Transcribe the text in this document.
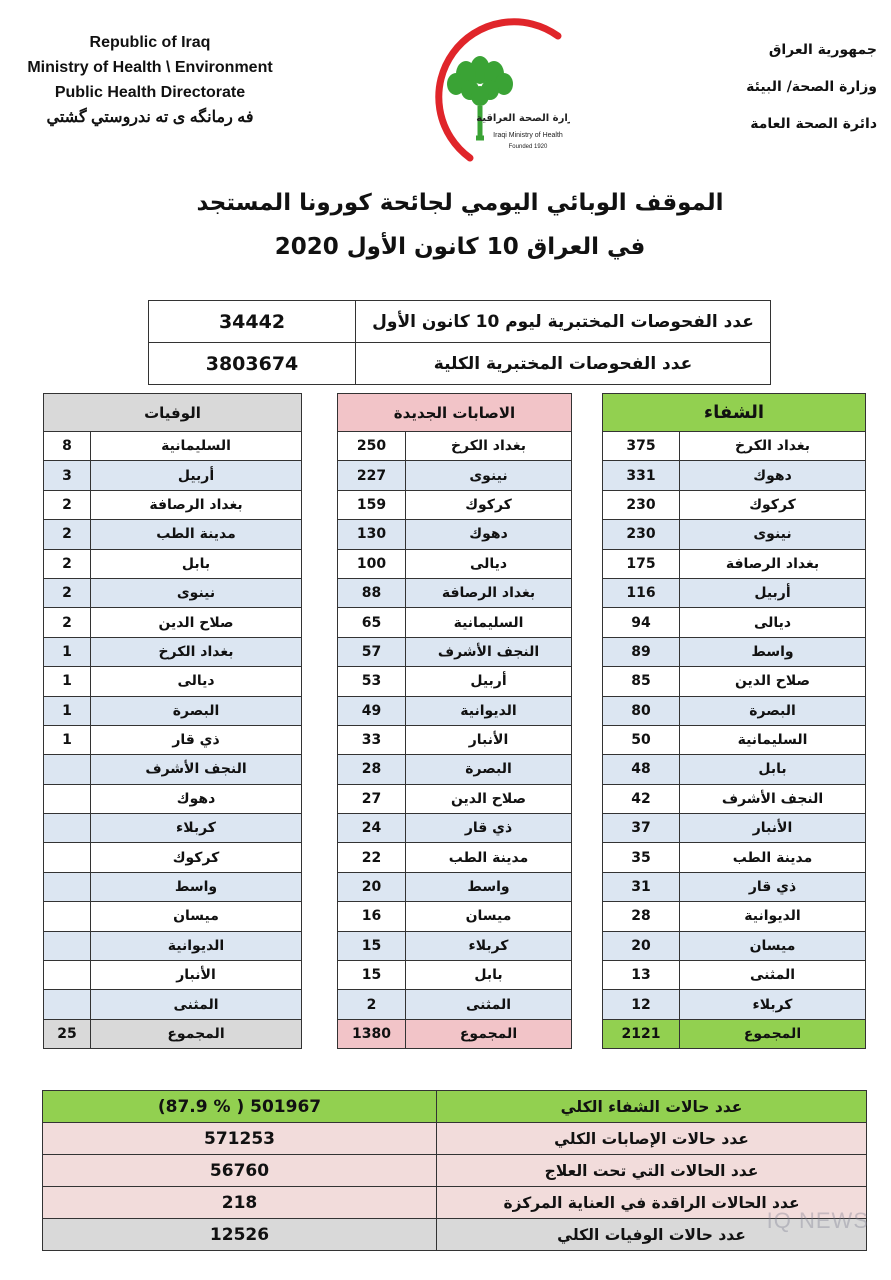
Republic of Iraq
Ministry of Health \ Environment
Public Health Directorate
فه رمانگه ی ته ندروستي گشتي	وزارة الصحة العراقية
Iraqi Ministry of Health
Founded 1920
جمهورية العراق
وزارة الصحة/ البيئة
دائرة الصحة العامة
الموقف الوبائي اليومي لجائحة كورونا المستجد
في العراق 10 كانون الأول 2020
34442	عدد الفحوصات المختبرية ليوم 10 كانون الأول
3803674	عدد الفحوصات المختبرية الكلية
الوفيات	
8	السليمانية
3	أربيل
2	بغداد الرصافة
2	مدينة الطب
2	بابل
2	نينوى
2	صلاح الدين
1	بغداد الكرخ
1	ديالى
1	البصرة
1	ذي قار
	النجف الأشرف
	دهوك
	كربلاء
	كركوك
	واسط
	ميسان
	الديوانية
	الأنبار
	المثنى
25	المجموع
الاصابات الجديدة	
250	بغداد الكرخ
227	نينوى
159	كركوك
130	دهوك
100	ديالى
88	بغداد الرصافة
65	السليمانية
57	النجف الأشرف
53	أربيل
49	الديوانية
33	الأنبار
28	البصرة
27	صلاح الدين
24	ذي قار
22	مدينة الطب
20	واسط
16	ميسان
15	كربلاء
15	بابل
2	المثنى
1380	المجموع
الشفاء	
375	بغداد الكرخ
331	دهوك
230	كركوك
230	نينوى
175	بغداد الرصافة
116	أربيل
94	ديالى
89	واسط
85	صلاح الدين
80	البصرة
50	السليمانية
48	بابل
42	النجف الأشرف
37	الأنبار
35	مدينة الطب
31	ذي قار
28	الديوانية
20	ميسان
13	المثنى
12	كربلاء
2121	المجموع
(87.9 % ) 501967	عدد حالات الشفاء الكلي
571253	عدد حالات الإصابات الكلي
56760	عدد الحالات التي تحت العلاج
218	عدد الحالات الراقدة في العناية المركزة
12526	عدد حالات الوفيات الكلي
IQ NEWS
